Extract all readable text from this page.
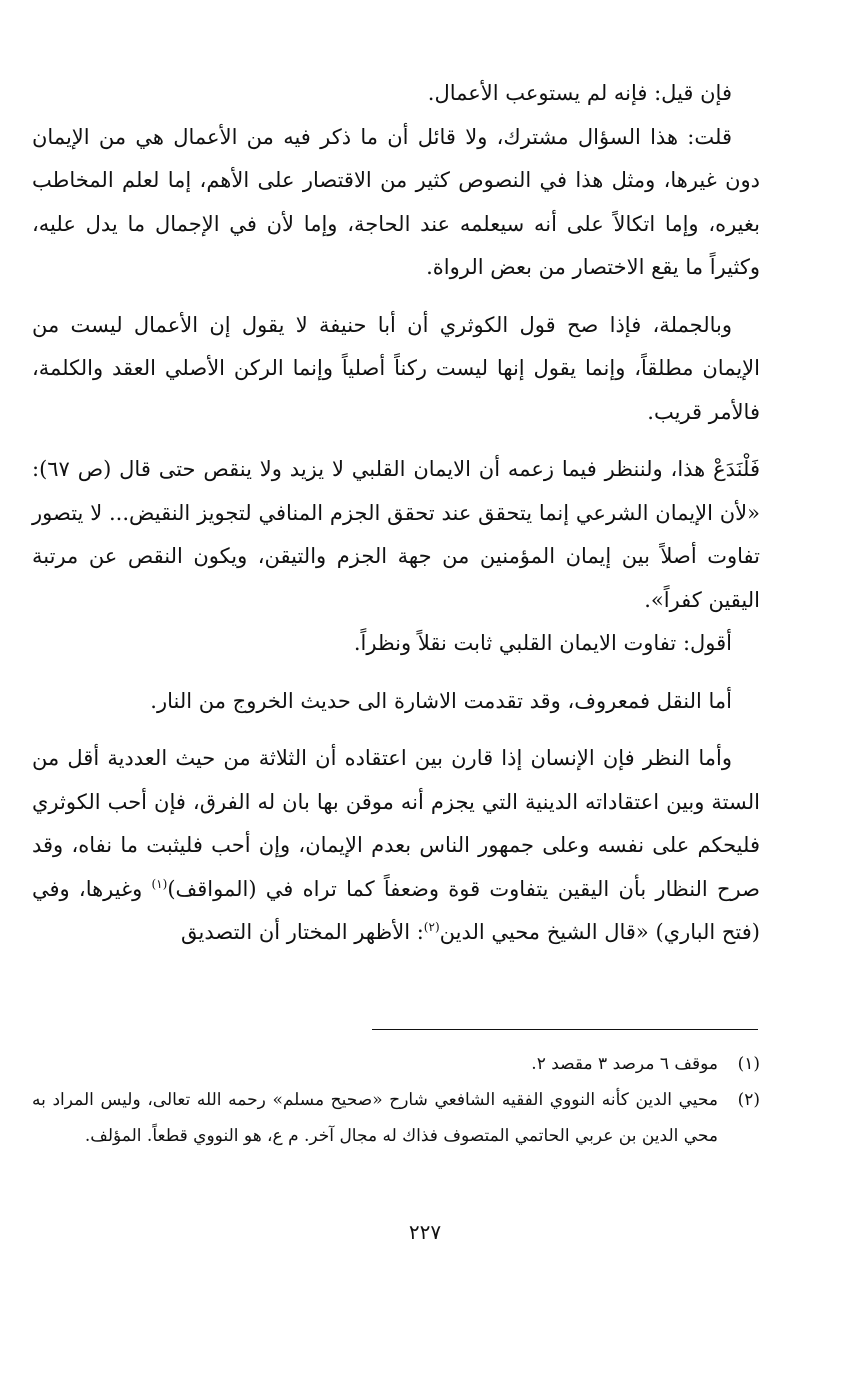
فإن قيل: فإنه لم يستوعب الأعمال.

قلت: هذا السؤال مشترك، ولا قائل أن ما ذكر فيه من الأعمال هي من الإيمان دون غيرها، ومثل هذا في النصوص كثير من الاقتصار على الأهم، إما لعلم المخاطب بغيره، وإما اتكالاً على أنه سيعلمه عند الحاجة، وإما لأن في الإجمال ما يدل عليه، وكثيراً ما يقع الاختصار من بعض الرواة.

وبالجملة، فإذا صح قول الكوثري أن أبا حنيفة لا يقول إن الأعمال ليست من الإيمان مطلقاً، وإنما يقول إنها ليست ركناً أصلياً وإنما الركن الأصلي العقد والكلمة، فالأمر قريب.

فَلْنَدَعْ هذا، ولننظر فيما زعمه أن الايمان القلبي لا يزيد ولا ينقص حتى قال (ص ٦٧): «لأن الإيمان الشرعي إنما يتحقق عند تحقق الجزم المنافي لتجويز النقيض... لا يتصور تفاوت أصلاً بين إيمان المؤمنين من جهة الجزم والتيقن، ويكون النقص عن مرتبة اليقين كفراً».

أقول: تفاوت الايمان القلبي ثابت نقلاً ونظراً.

أما النقل فمعروف، وقد تقدمت الاشارة الى حديث الخروج من النار.

وأما النظر فإن الإنسان إذا قارن بين اعتقاده أن الثلاثة من حيث العددية أقل من الستة وبين اعتقاداته الدينية التي يجزم أنه موقن بها بان له الفرق، فإن أحب الكوثري فليحكم على نفسه وعلى جمهور الناس بعدم الإيمان، وإن أحب فليثبت ما نفاه، وقد صرح النظار بأن اليقين يتفاوت قوة وضعفاً كما تراه في (المواقف)$^{(١)}$ وغيرها، وفي (فتح الباري) «قال الشيخ محيي الدين$^{(٢)}$: الأظهر المختار أن التصديق

(١)
موقف ٦ مرصد ٣ مقصد ٢.
(٢)
محيي الدين كأنه النووي الفقيه الشافعي شارح «صحيح مسلم» رحمه الله تعالى، وليس المراد به محي الدين بن عربي الحاتمي المتصوف فذاك له مجال آخر. م ع، هو النووي قطعاً. المؤلف.
٢٢٧
